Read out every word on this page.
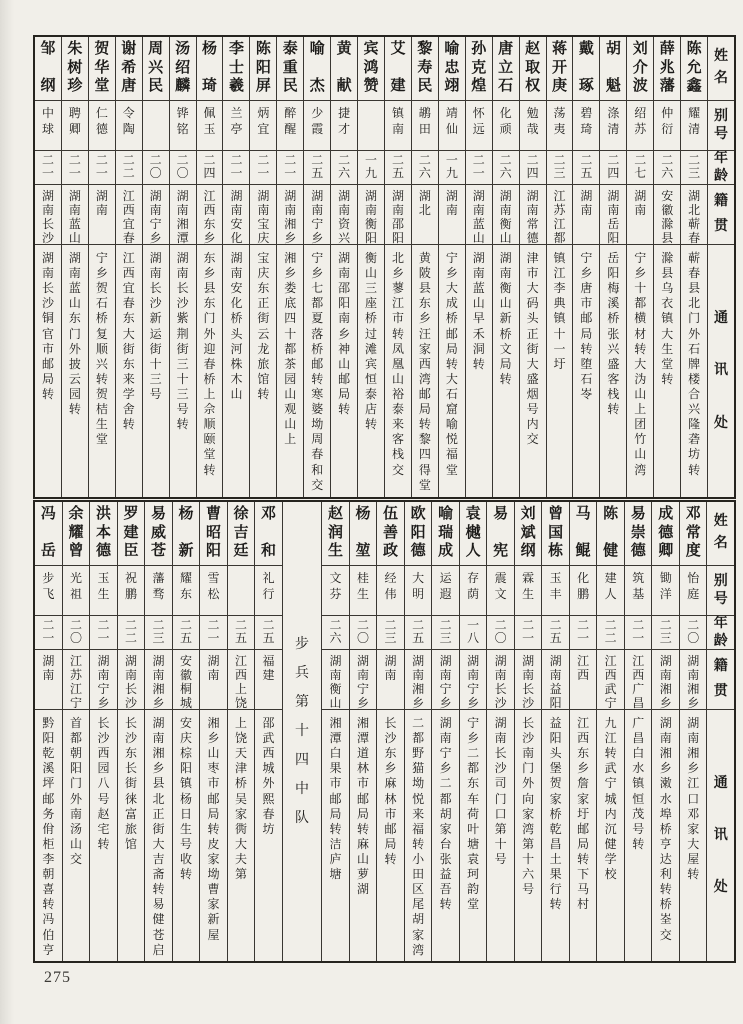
姓
名
别
号
年
龄
籍
贯
通
讯
处
陈
允
鑫
耀
清
二
三
湖
北
蕲
春
蕲
春
县
北
门
外
石
牌
楼
合
兴
隆
砻
坊
转
薛
兆
藩
仲
衍
二
六
安
徽
滁
县
滁
县
乌
衣
镇
大
生
堂
转
刘
介
波
绍
苏
二
七
湖
南
宁
乡
十
都
横
材
转
大
沩
山
上
团
竹
山
湾
胡
魁
涤
清
二
四
湖
南
岳
阳
岳
阳
梅
溪
桥
张
兴
盛
客
栈
转
戴
琢
碧
琦
二
五
湖
南
宁
乡
唐
市
邮
局
转
堕
石
岺
蒋
开
庚
荡
夷
二
三
江
苏
江
都
镇
江
李
典
镇
十
一
圩
赵
取
权
勉
哉
二
四
湖
南
常
德
津
市
大
码
头
正
街
大
盛
烟
号
内
交
唐
立
石
化
顽
二
六
湖
南
衡
山
湖
南
衡
山
新
桥
文
局
转
孙
克
煌
怀
远
二
一
湖
南
蓝
山
湖
南
蓝
山
早
禾
洞
转
喻
忠
翊
靖
仙
一
九
湖
南
宁
乡
大
成
桥
邮
局
转
大
石
窟
喻
悦
福
堂
黎
寿
民
鹕
田
二
六
湖
北
黄
陂
县
东
乡
汪
家
西
湾
邮
局
转
黎
四
得
堂
艾
建
镇
南
二
五
湖
南
邵
阳
北
乡
蓼
江
市
转
凤
凰
山
裕
泰
来
客
栈
交
宾
鸿
赞
一
九
湖
南
衡
阳
衡
山
三
座
桥
过
滩
宾
恒
泰
店
转
黄
献
捷
才
二
六
湖
南
资
兴
湖
南
邵
阳
南
乡
神
山
邮
局
转
喻
杰
少
霞
二
五
湖
南
宁
乡
宁
乡
七
都
夏
落
桥
邮
转
寒
婆
坳
周
春
和
交
泰
重
民
醉
醒
二
一
湖
南
湘
乡
湘
乡
娄
底
四
十
都
茶
园
山
观
山
上
陈
阳
屏
炳
宜
二
一
湖
南
宝
庆
宝
庆
东
正
街
云
龙
旅
馆
转
李
士
羲
兰
亭
二
一
湖
南
安
化
湖
南
安
化
桥
头
河
株
木
山
杨
琦
佩
玉
二
四
江
西
东
乡
东
乡
县
东
门
外
迎
春
桥
上
佘
顺
颐
堂
转
汤
绍
麟
铧
铭
二
〇
湖
南
湘
潭
湖
南
长
沙
紫
荆
街
三
十
三
号
转
周
兴
民
二
〇
湖
南
宁
乡
湖
南
长
沙
新
运
街
十
三
号
谢
希
唐
令
陶
二
二
江
西
宜
春
江
西
宜
春
东
大
街
东
来
学
舍
转
贺
华
堂
仁
德
二
一
湖
南
宁
乡
贺
石
桥
复
顺
兴
转
贺
桔
生
堂
朱
树
珍
聘
卿
二
一
湖
南
蓝
山
湖
南
蓝
山
东
门
外
披
云
园
转
邹
纲
中
球
二
一
湖
南
长
沙
湖
南
长
沙
铜
官
市
邮
局
转
姓
名
别
号
年
龄
籍
贯
通
讯
处
邓
常
度
怡
庭
二
〇
湖
南
湘
乡
湖
南
湘
乡
江
口
邓
家
大
屋
转
成
德
卿
锄
洋
二
三
湖
南
湘
乡
湖
南
湘
乡
潄
水
埠
桥
亨
达
利
转
桥
峑
交
易
崇
德
筑
基
二
一
江
西
广
昌
广
昌
白
水
镇
恒
茂
号
转
陈
健
建
人
二
二
江
西
武
宁
九
江
转
武
宁
城
内
沉
健
学
校
马
鲲
化
鹏
二
一
江
西
江
西
东
乡
詹
家
圩
邮
局
转
下
马
村
曾
国
栋
玉
丰
二
五
湖
南
益
阳
益
阳
头
堡
贺
家
桥
乾
昌
土
果
行
转
刘
斌
纲
霖
生
二
一
湖
南
长
沙
长
沙
南
门
外
向
家
湾
第
十
六
号
易
宪
震
文
二
〇
湖
南
长
沙
湖
南
长
沙
司
门
口
第
十
号
袁
樾
人
存
荫
一
八
湖
南
宁
乡
宁
乡
二
都
东
车
荷
叶
塘
袁
珂
韵
堂
喻
瑞
成
运
遐
二
三
湖
南
宁
乡
湖
南
宁
乡
二
都
胡
家
台
张
益
吾
转
欧
阳
德
大
明
二
五
湖
南
湘
乡
二
都
野
猫
坳
悦
来
福
转
小
田
区
尾
胡
家
湾
伍
善
政
经
伟
二
三
湖
南
长
沙
东
乡
麻
林
市
邮
局
转
杨
堃
桂
生
二
〇
湖
南
宁
乡
湘
潭
道
林
市
邮
局
转
麻
山
萝
湖
赵
润
生
文
芬
二
六
湖
南
衡
山
湘
潭
白
果
市
邮
局
转
洁
庐
塘
步
兵
第
十
四
中
队
邓
和
礼
行
二
五
福
建
邵
武
西
城
外
熙
春
坊
徐
吉
廷
二
五
江
西
上
饶
上
饶
天
津
桥
吴
家
衖
大
夫
第
曹
昭
阳
雪
松
二
一
湖
南
湘
乡
山
枣
市
邮
局
转
皮
家
坳
曹
家
新
屋
杨
新
耀
东
二
五
安
徽
桐
城
安
庆
棕
阳
镇
杨
日
生
号
收
转
易
威
苍
藩
骛
二
三
湖
南
湘
乡
湖
南
湘
乡
县
北
正
街
大
吉
斋
转
易
健
苍
启
罗
建
臣
祝
鹏
二
二
湖
南
长
沙
长
沙
东
长
街
徕
富
旅
馆
洪
本
德
玉
生
二
一
湖
南
宁
乡
长
沙
西
园
八
号
赵
宅
转
余
耀
曾
光
祖
二
〇
江
苏
江
宁
首
都
朝
阳
门
外
南
汤
山
交
冯
岳
步
飞
二
一
湖
南
黔
阳
乾
溪
坪
邮
务
佾
柜
李
朝
喜
转
冯
伯
亨
275
